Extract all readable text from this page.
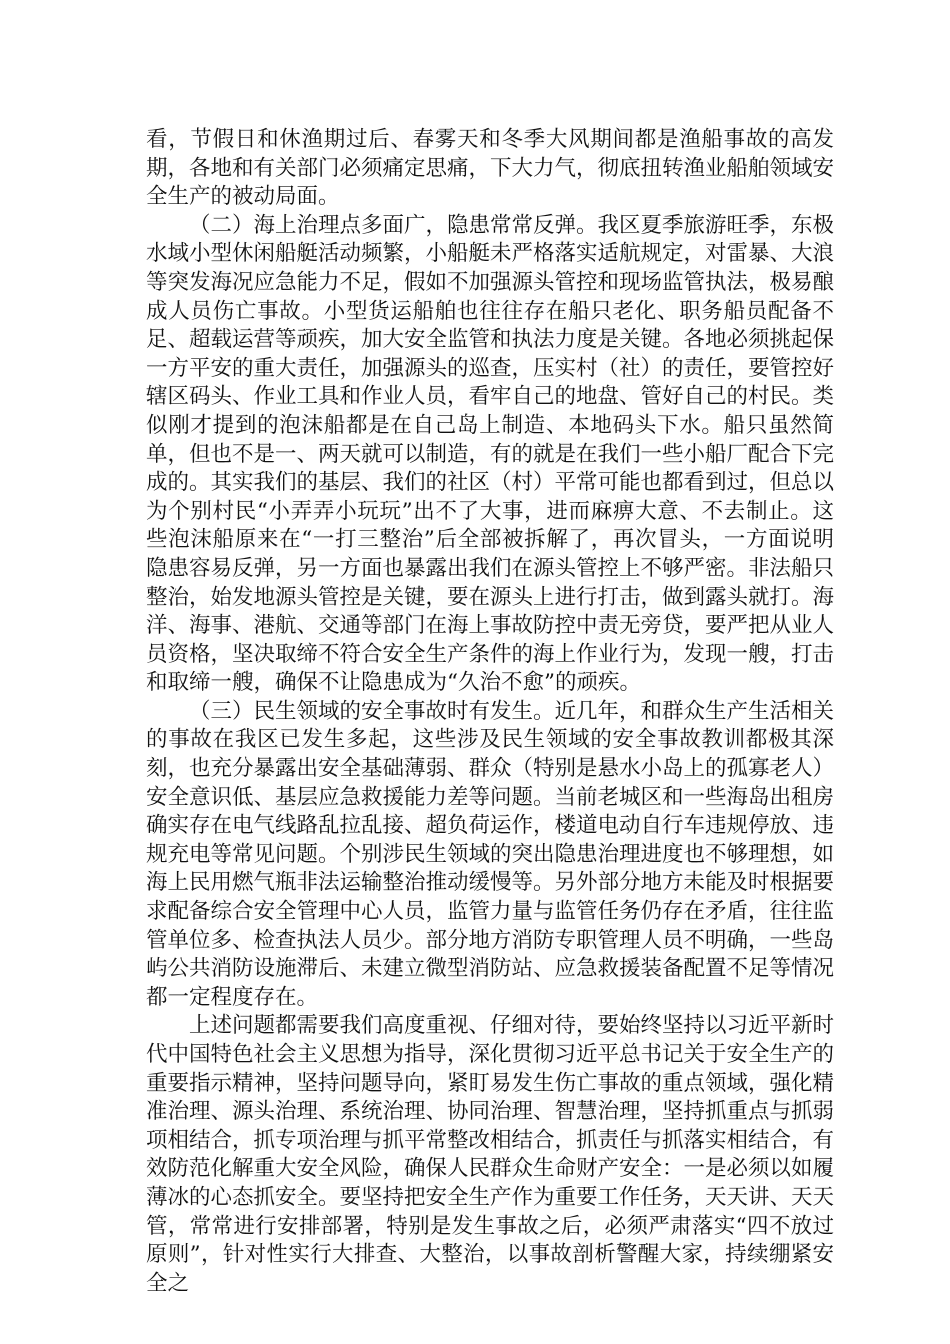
看，节假日和休渔期过后、春雾天和冬季大风期间都是渔船事故的高发期，各地和有关部门必须痛定思痛，下大力气，彻底扭转渔业船舶领域安全生产的被动局面。

（二）海上治理点多面广，隐患常常反弹。我区夏季旅游旺季，东极水域小型休闲船艇活动频繁，小船艇未严格落实适航规定，对雷暴、大浪等突发海况应急能力不足，假如不加强源头管控和现场监管执法，极易酿成人员伤亡事故。小型货运船舶也往往存在船只老化、职务船员配备不足、超载运营等顽疾，加大安全监管和执法力度是关键。各地必须挑起保一方平安的重大责任，加强源头的巡查，压实村（社）的责任，要管控好辖区码头、作业工具和作业人员，看牢自己的地盘、管好自己的村民。类似刚才提到的泡沫船都是在自己岛上制造、本地码头下水。船只虽然简单，但也不是一、两天就可以制造，有的就是在我们一些小船厂配合下完成的。其实我们的基层、我们的社区（村）平常可能也都看到过，但总以为个别村民“小弄弄小玩玩”出不了大事，进而麻痹大意、不去制止。这些泡沫船原来在“一打三整治”后全部被拆解了，再次冒头，一方面说明隐患容易反弹，另一方面也暴露出我们在源头管控上不够严密。非法船只整治，始发地源头管控是关键，要在源头上进行打击，做到露头就打。海洋、海事、港航、交通等部门在海上事故防控中责无旁贷，要严把从业人员资格，坚决取缔不符合安全生产条件的海上作业行为，发现一艘，打击和取缔一艘，确保不让隐患成为“久治不愈”的顽疾。

（三）民生领域的安全事故时有发生。近几年，和群众生产生活相关的事故在我区已发生多起，这些涉及民生领域的安全事故教训都极其深刻，也充分暴露出安全基础薄弱、群众（特别是悬水小岛上的孤寡老人）安全意识低、基层应急救援能力差等问题。当前老城区和一些海岛出租房确实存在电气线路乱拉乱接、超负荷运作，楼道电动自行车违规停放、违规充电等常见问题。个别涉民生领域的突出隐患治理进度也不够理想，如海上民用燃气瓶非法运输整治推动缓慢等。另外部分地方未能及时根据要求配备综合安全管理中心人员，监管力量与监管任务仍存在矛盾，往往监管单位多、检查执法人员少。部分地方消防专职管理人员不明确，一些岛屿公共消防设施滞后、未建立微型消防站、应急救援装备配置不足等情况都一定程度存在。

上述问题都需要我们高度重视、仔细对待，要始终坚持以习近平新时代中国特色社会主义思想为指导，深化贯彻习近平总书记关于安全生产的重要指示精神，坚持问题导向，紧盯易发生伤亡事故的重点领域，强化精准治理、源头治理、系统治理、协同治理、智慧治理，坚持抓重点与抓弱项相结合，抓专项治理与抓平常整改相结合，抓责任与抓落实相结合，有效防范化解重大安全风险，确保人民群众生命财产安全：一是必须以如履薄冰的心态抓安全。要坚持把安全生产作为重要工作任务，天天讲、天天管，常常进行安排部署，特别是发生事故之后，必须严肃落实“四不放过原则”，针对性实行大排查、大整治，以事故剖析警醒大家，持续绷紧安全之
